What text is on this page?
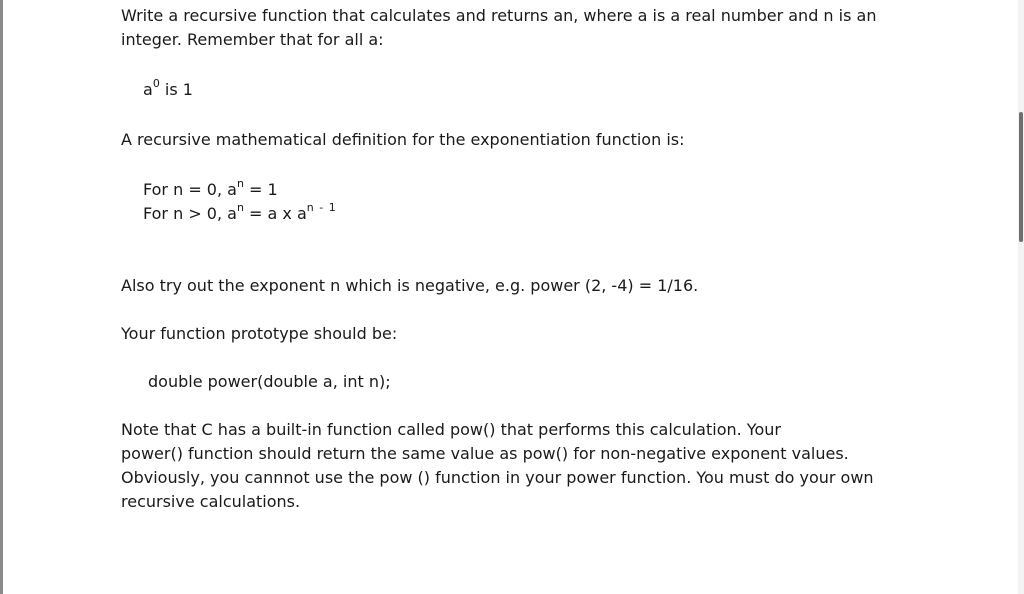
Write a recursive function that calculates and returns an, where a is a real number and n is an
integer. Remember that for all a:

$a^0$ is 1

A recursive mathematical definition for the exponentiation function is:

For n = 0, $a^n = 1$
For n > 0, $a^n = a$ x $a^{n - 1}$

Also try out the exponent n which is negative, e.g. power (2, -4) = 1/16.

Your function prototype should be:

double power(double a, int n);

Note that C has a built-in function called pow() that performs this calculation. Your
power() function should return the same value as pow() for non-negative exponent values.
Obviously, you cannnot use the pow () function in your power function. You must do your own
recursive calculations.
